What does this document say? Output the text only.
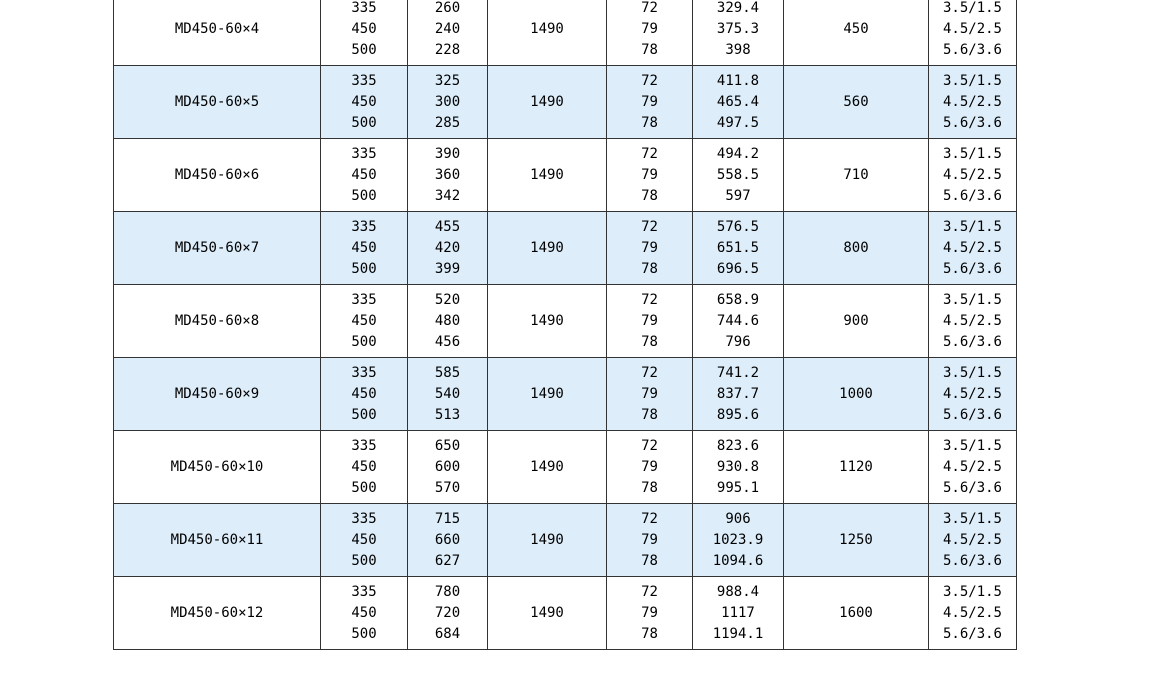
MD450-60×4	335
450
500	260
240
228	1490	72
79
78	329.4
375.3
398	450	3.5/1.5
4.5/2.5
5.6/3.6

MD450-60×5	335
450
500	325
300
285	1490	72
79
78	411.8
465.4
497.5	560	3.5/1.5
4.5/2.5
5.6/3.6

MD450-60×6	335
450
500	390
360
342	1490	72
79
78	494.2
558.5
597	710	3.5/1.5
4.5/2.5
5.6/3.6

MD450-60×7	335
450
500	455
420
399	1490	72
79
78	576.5
651.5
696.5	800	3.5/1.5
4.5/2.5
5.6/3.6

MD450-60×8	335
450
500	520
480
456	1490	72
79
78	658.9
744.6
796	900	3.5/1.5
4.5/2.5
5.6/3.6

MD450-60×9	335
450
500	585
540
513	1490	72
79
78	741.2
837.7
895.6	1000	3.5/1.5
4.5/2.5
5.6/3.6

MD450-60×10	335
450
500	650
600
570	1490	72
79
78	823.6
930.8
995.1	1120	3.5/1.5
4.5/2.5
5.6/3.6

MD450-60×11	335
450
500	715
660
627	1490	72
79
78	906
1023.9
1094.6	1250	3.5/1.5
4.5/2.5
5.6/3.6

MD450-60×12	335
450
500	780
720
684	1490	72
79
78	988.4
1117
1194.1	1600	3.5/1.5
4.5/2.5
5.6/3.6
